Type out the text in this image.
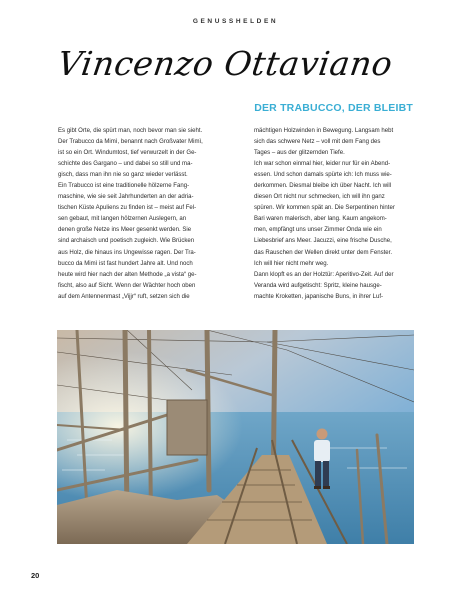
GENUSSHELDEN
Vincenzo Ottaviano
DER TRABUCCO, DER BLEIBT

Es gibt Orte, die spürt man, noch bevor man sie sieht.

Der Trabucco da Mimì, benannt nach Großvater Mimì,

ist so ein Ort. Windumtost, tief verwurzelt in der Ge-

schichte des Gargano – und dabei so still und ma-

gisch, dass man ihn nie so ganz wieder verlässt.

Ein Trabucco ist eine traditionelle hölzerne Fang-

maschine, wie sie seit Jahrhunderten an der adria-

tischen Küste Apuliens zu finden ist – meist auf Fel-

sen gebaut, mit langen hölzernen Auslegern, an

denen große Netze ins Meer gesenkt werden. Sie

sind archaisch und poetisch zugleich. Wie Brücken

aus Holz, die hinaus ins Ungewisse ragen. Der Tra-

bucco da Mimì ist fast hundert Jahre alt. Und noch

heute wird hier nach der alten Methode „a vista“ ge-

fischt, also auf Sicht. Wenn der Wächter hoch oben

auf dem Antennenmast „Vijjr“ ruft, setzen sich die

mächtigen Holzwinden in Bewegung. Langsam hebt

sich das schwere Netz – voll mit dem Fang des

Tages – aus der glitzernden Tiefe.

Ich war schon einmal hier, leider nur für ein Abend-

essen. Und schon damals spürte ich: Ich muss wie-

derkommen. Diesmal bleibe ich über Nacht. Ich will

diesen Ort nicht nur schmecken, ich will ihn ganz

spüren. Wir kommen spät an. Die Serpentinen hinter

Bari waren malerisch, aber lang. Kaum angekom-

men, empfängt uns unser Zimmer Onda wie ein

Liebesbrief ans Meer. Jacuzzi, eine frische Dusche,

das Rauschen der Wellen direkt unter dem Fenster.

Ich will hier nicht mehr weg.

Dann klopft es an der Holztür: Aperitivo-Zeit. Auf der

Veranda wird aufgetischt: Spritz, kleine hausge-

machte Kroketten, japanische Buns, in ihrer Luf-

20
